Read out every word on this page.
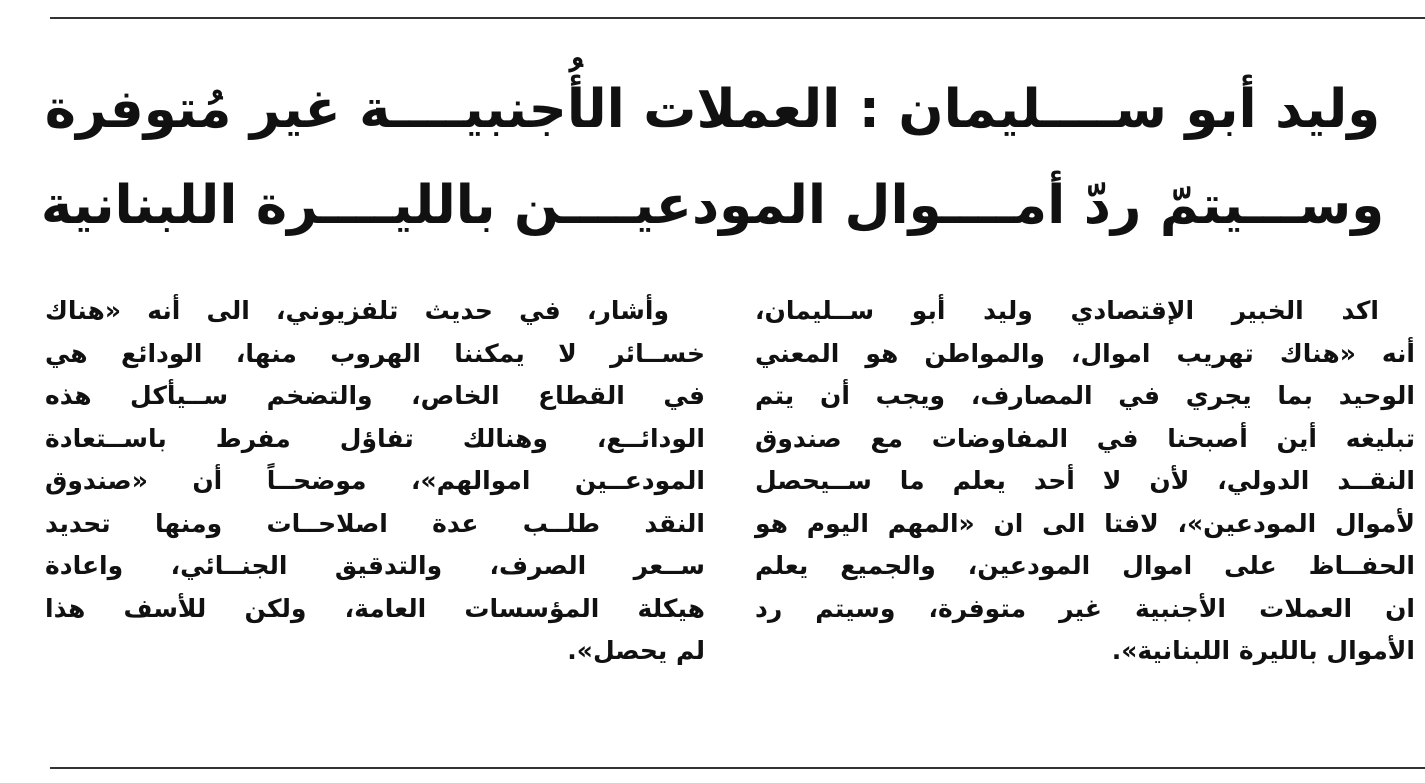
وليد أبو ســــليمان : العملات الأُجنبيــــة غير مُتوفرة
وســـيتمّ ردّ أمــــوال المودعيــــن بالليــــرة اللبنانية
اكد الخبير الإقتصادي وليد أبو ســليمان،
أنه «هناك تهريب اموال، والمواطن هو المعني
الوحيد بما يجري في المصارف، ويجب أن يتم
تبليغه أين أصبحنا في المفاوضات مع صندوق
النقــد الدولي، لأن لا أحد يعلم ما ســيحصل
لأموال المودعين»، لافتا الى ان «المهم اليوم هو
الحفــاظ على اموال المودعين، والجميع يعلم
ان العملات الأجنبية غير متوفرة، وسيتم رد
الأموال بالليرة اللبنانية».
وأشار، في حديث تلفزيوني، الى أنه «هناك
خســائر لا يمكننا الهروب منها، الودائع هي
في القطاع الخاص، والتضخم ســيأكل هذه
الودائــع، وهنالك تفاؤل مفرط باســتعادة
المودعــين اموالهم»، موضحــاً أن «صندوق
النقد طلــب عدة اصلاحــات ومنها تحديد
ســعر الصرف، والتدقيق الجنــائي، واعادة
هيكلة المؤسسات العامة، ولكن للأسف هذا
لم يحصل».
